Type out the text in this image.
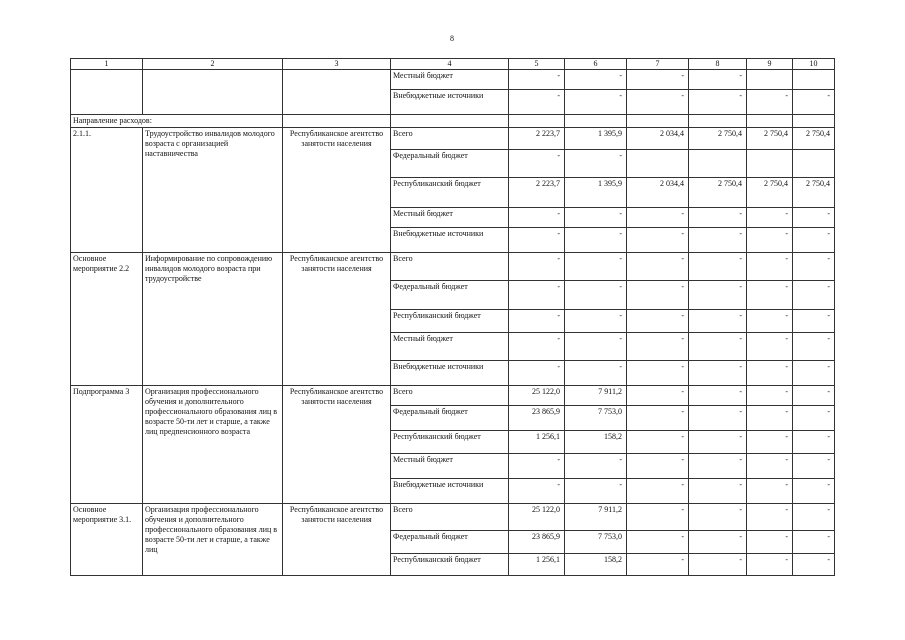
8
1	2	3	4	5	6	7	8	9	10
			Местный бюджет	-	-	-	-		
			Внебюджетные источники	-	-	-	-	-	-
Направление расходов:									
2.1.1.	Трудоустройство инвалидов молодого возраста с организацией наставничества	Республиканское агентство занятости населения	Всего	2 223,7	1 395,9	2 034,4	2 750,4	2 750,4	2 750,4
			Федеральный бюджет	-	-				
			Республиканский бюджет	2 223,7	1 395,9	2 034,4	2 750,4	2 750,4	2 750,4
			Местный бюджет	-	-	-	-	-	-
			Внебюджетные источники	-	-	-	-	-	-
Основное мероприятие 2.2	Информирование по сопровождению инвалидов молодого возраста при трудоустройстве	Республиканское агентство занятости населения	Всего	-	-	-	-	-	-
			Федеральный бюджет	-	-	-	-	-	-
			Республиканский бюджет	-	-	-	-	-	-
			Местный бюджет	-	-	-	-	-	-
			Внебюджетные источники	-	-	-	-	-	-
Подпрограмма 3	Организация профессионального обучения и дополнительного профессионального образования лиц в возрасте 50-ти лет и старше, а также лиц предпенсионного возраста	Республиканское агентство занятости населения	Всего	25 122,0	7 911,2	-	-	-	-
			Федеральный бюджет	23 865,9	7 753,0	-	-	-	-
			Республиканский бюджет	1 256,1	158,2	-	-	-	-
			Местный бюджет	-	-	-	-	-	-
			Внебюджетные источники	-	-	-	-	-	-
Основное мероприятие 3.1.	Организация профессионального обучения и дополнительного профессионального образования лиц в возрасте 50-ти лет и старше, а также лиц	Республиканское агентство занятости населения	Всего	25 122,0	7 911,2	-	-	-	-
			Федеральный бюджет	23 865,9	7 753,0	-	-	-	-
			Республиканский бюджет	1 256,1	158,2	-	-	-	-
